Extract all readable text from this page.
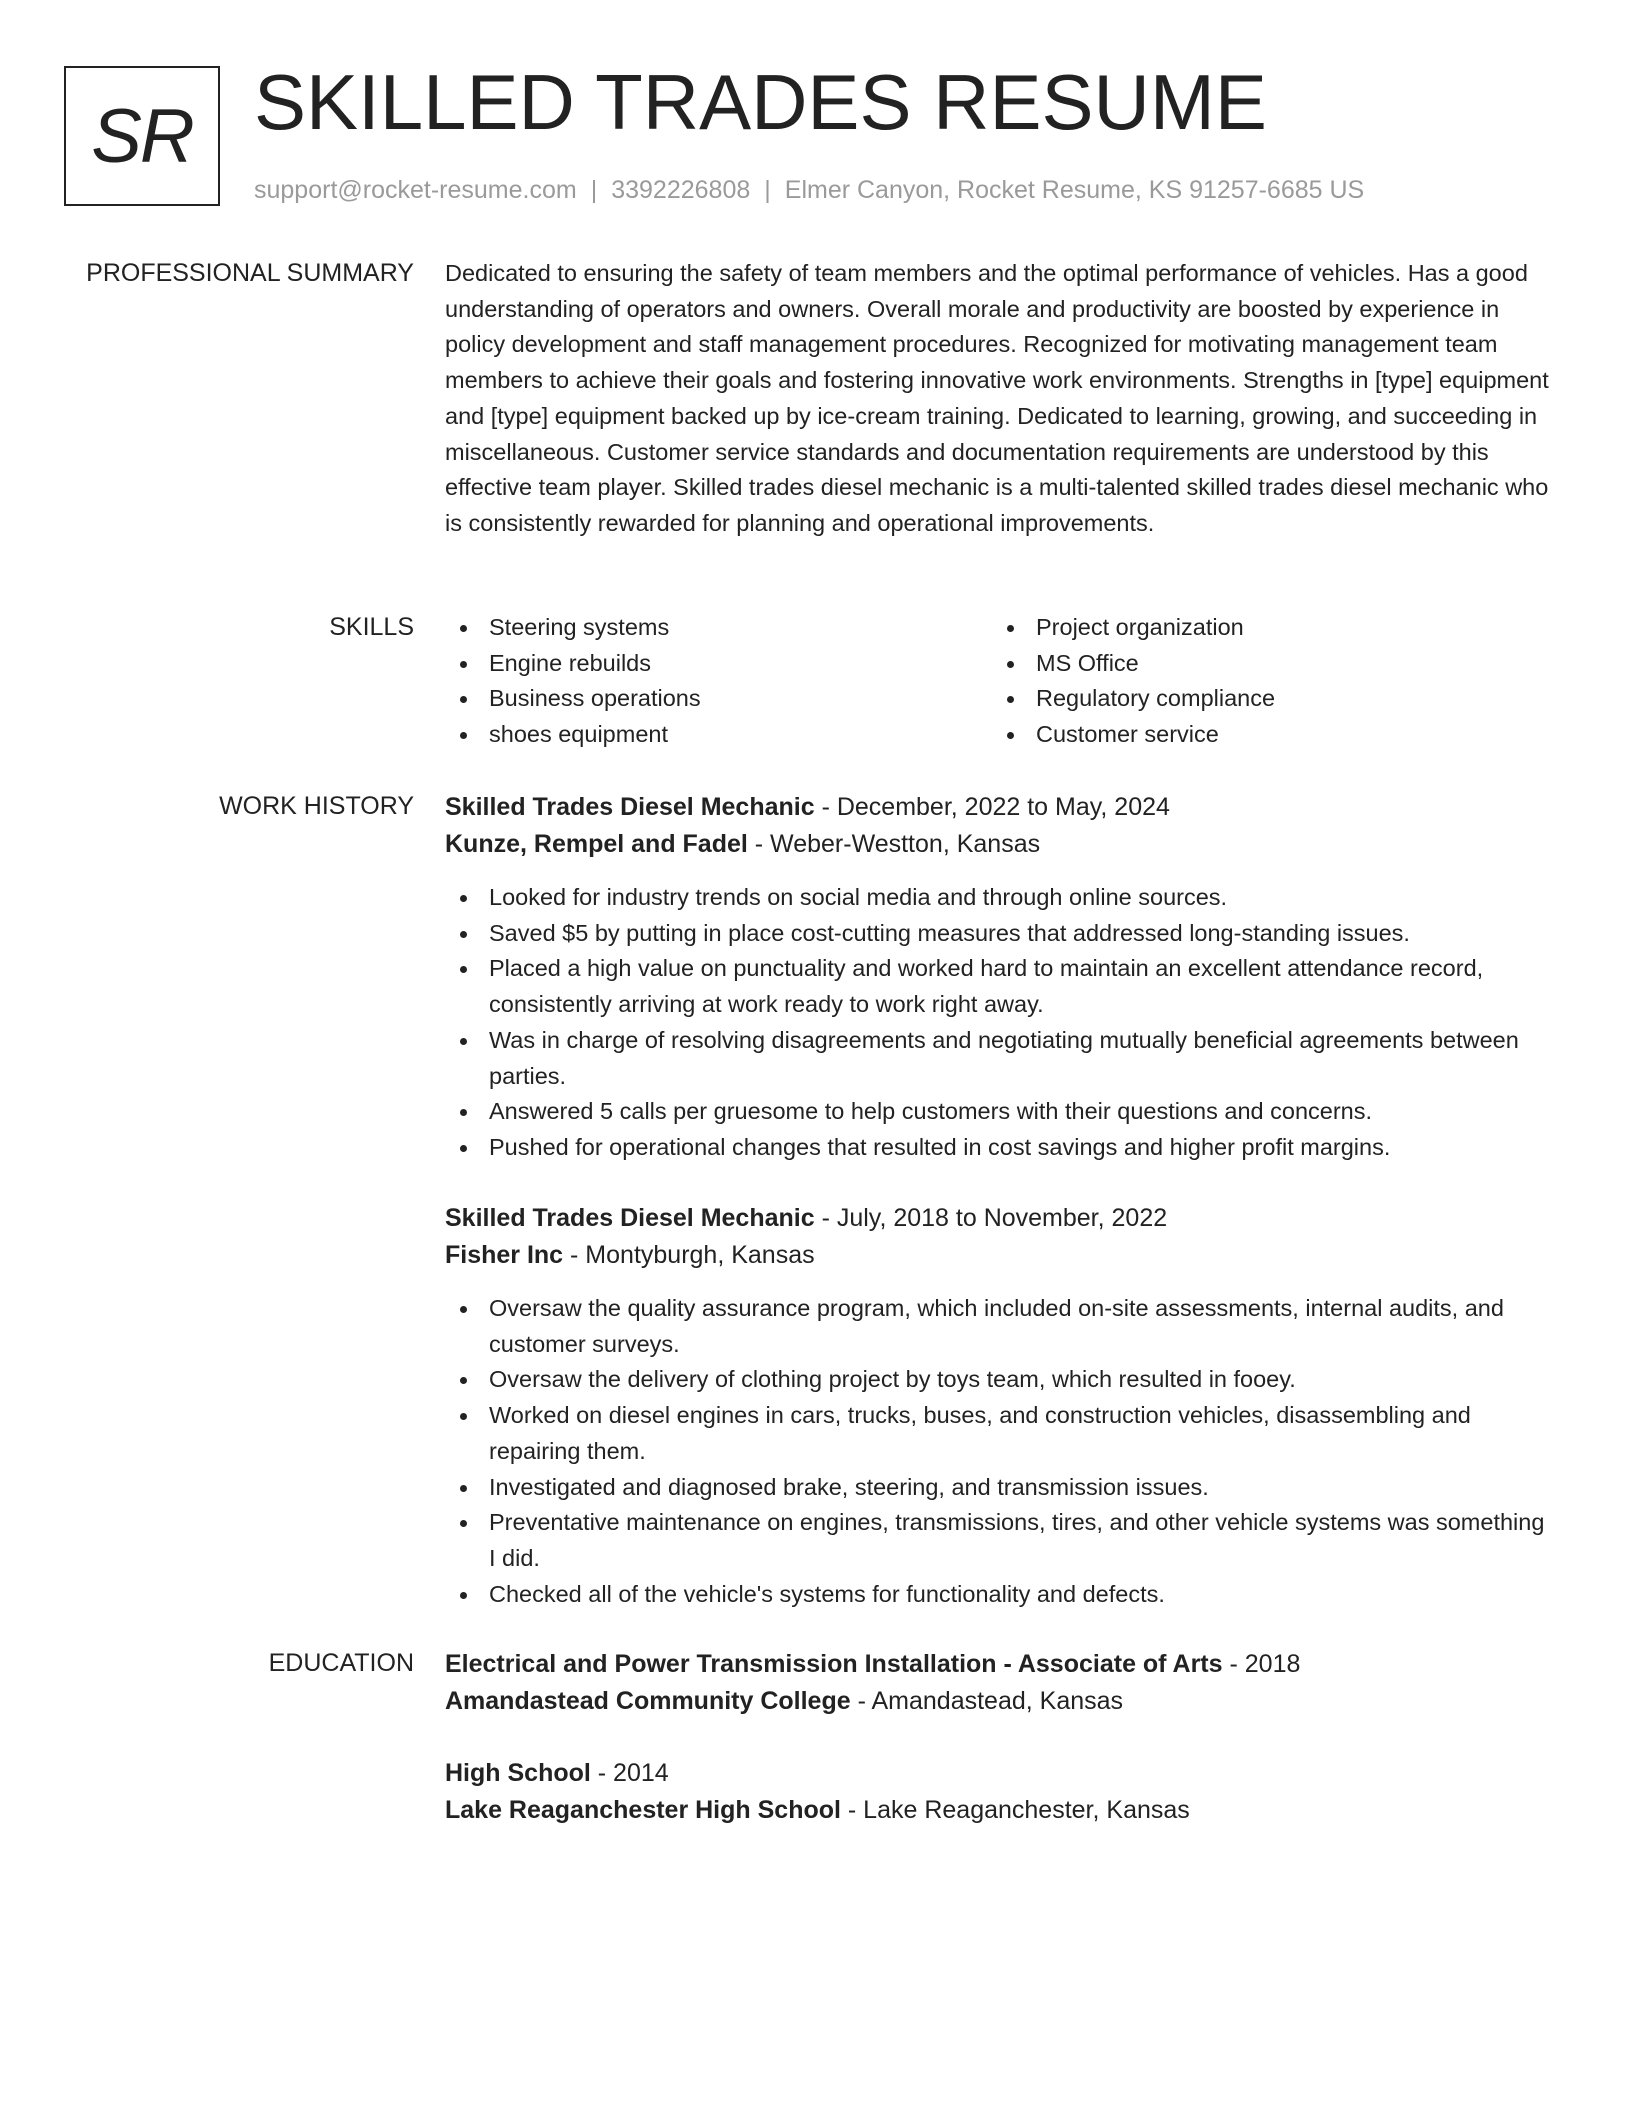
SR SKILLED TRADES RESUME
support@rocket-resume.com | 3392226808 | Elmer Canyon, Rocket Resume, KS 91257-6685 US
PROFESSIONAL SUMMARY Dedicated to ensuring the safety of team members and the optimal performance of vehicles. Has a good understanding of operators and owners. Overall morale and productivity are boosted by experience in policy development and staff management procedures. Recognized for motivating management team members to achieve their goals and fostering innovative work environments. Strengths in [type] equipment and [type] equipment backed up by ice-cream training. Dedicated to learning, growing, and succeeding in miscellaneous. Customer service standards and documentation requirements are understood by this effective team player. Skilled trades diesel mechanic is a multi-talented skilled trades diesel mechanic who is consistently rewarded for planning and operational improvements.

SKILLS	Steering systems
Engine rebuilds
Business operations
shoes equipment
Project organization
MS Office
Regulatory compliance
Customer service
WORK HISTORY Skilled Trades Diesel Mechanic - December, 2022 to May, 2024
Kunze, Rempel and Fadel - Weber-Westton, Kansas
Looked for industry trends on social media and through online sources.
Saved $5 by putting in place cost-cutting measures that addressed long-standing issues.
Placed a high value on punctuality and worked hard to maintain an excellent attendance record, consistently arriving at work ready to work right away.
Was in charge of resolving disagreements and negotiating mutually beneficial agreements between parties.
Answered 5 calls per gruesome to help customers with their questions and concerns.
Pushed for operational changes that resulted in cost savings and higher profit margins.
Skilled Trades Diesel Mechanic - July, 2018 to November, 2022
Fisher Inc - Montyburgh, Kansas
Oversaw the quality assurance program, which included on-site assessments, internal audits, and customer surveys.
Oversaw the delivery of clothing project by toys team, which resulted in fooey.
Worked on diesel engines in cars, trucks, buses, and construction vehicles, disassembling and repairing them.
Investigated and diagnosed brake, steering, and transmission issues.
Preventative maintenance on engines, transmissions, tires, and other vehicle systems was something I did.
Checked all of the vehicle's systems for functionality and defects.
EDUCATION Electrical and Power Transmission Installation - Associate of Arts - 2018
Amandastead Community College - Amandastead, Kansas
High School - 2014
Lake Reaganchester High School - Lake Reaganchester, Kansas
